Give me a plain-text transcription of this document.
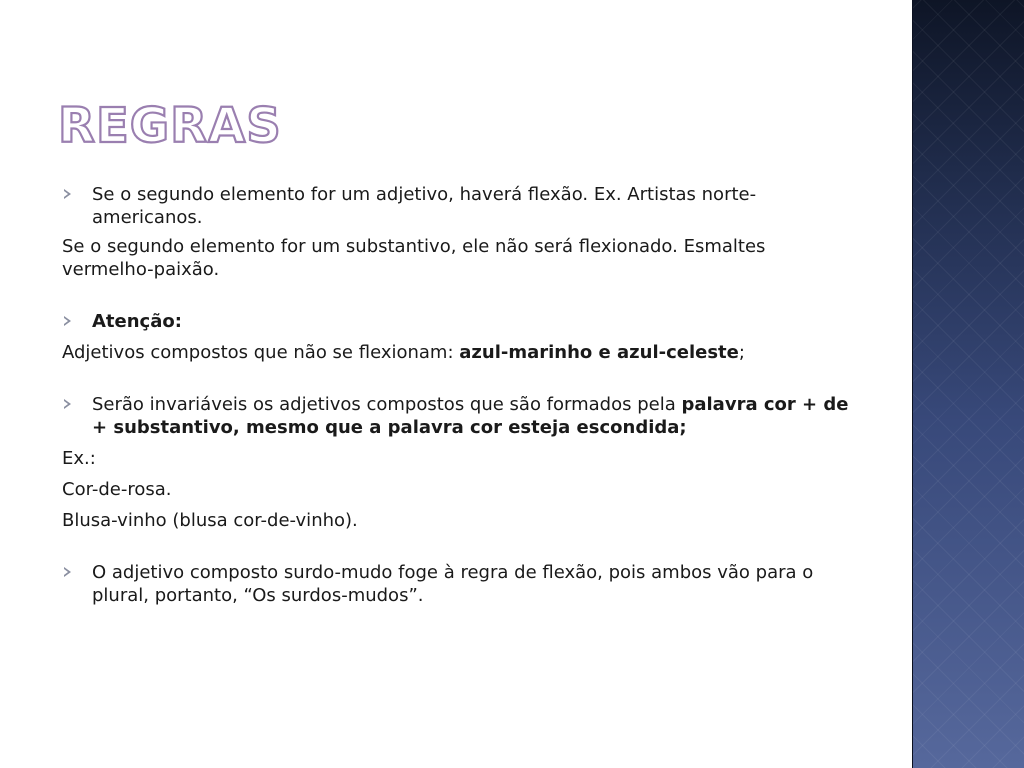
REGRAS

Se o segundo elemento for um adjetivo, haverá flexão. Ex. Artistas norte-americanos.

Se o segundo elemento for um substantivo, ele não será flexionado. Esmaltes vermelho-paixão.

Atenção:

Adjetivos compostos que não se flexionam: azul-marinho e azul-celeste;

Serão invariáveis os adjetivos compostos que são formados pela palavra cor + de + substantivo, mesmo que a palavra cor esteja escondida;

Ex.:

Cor-de-rosa.

Blusa-vinho (blusa cor-de-vinho).

O adjetivo composto surdo-mudo foge à regra de flexão, pois ambos vão para o plural, portanto, “Os surdos-mudos”.
